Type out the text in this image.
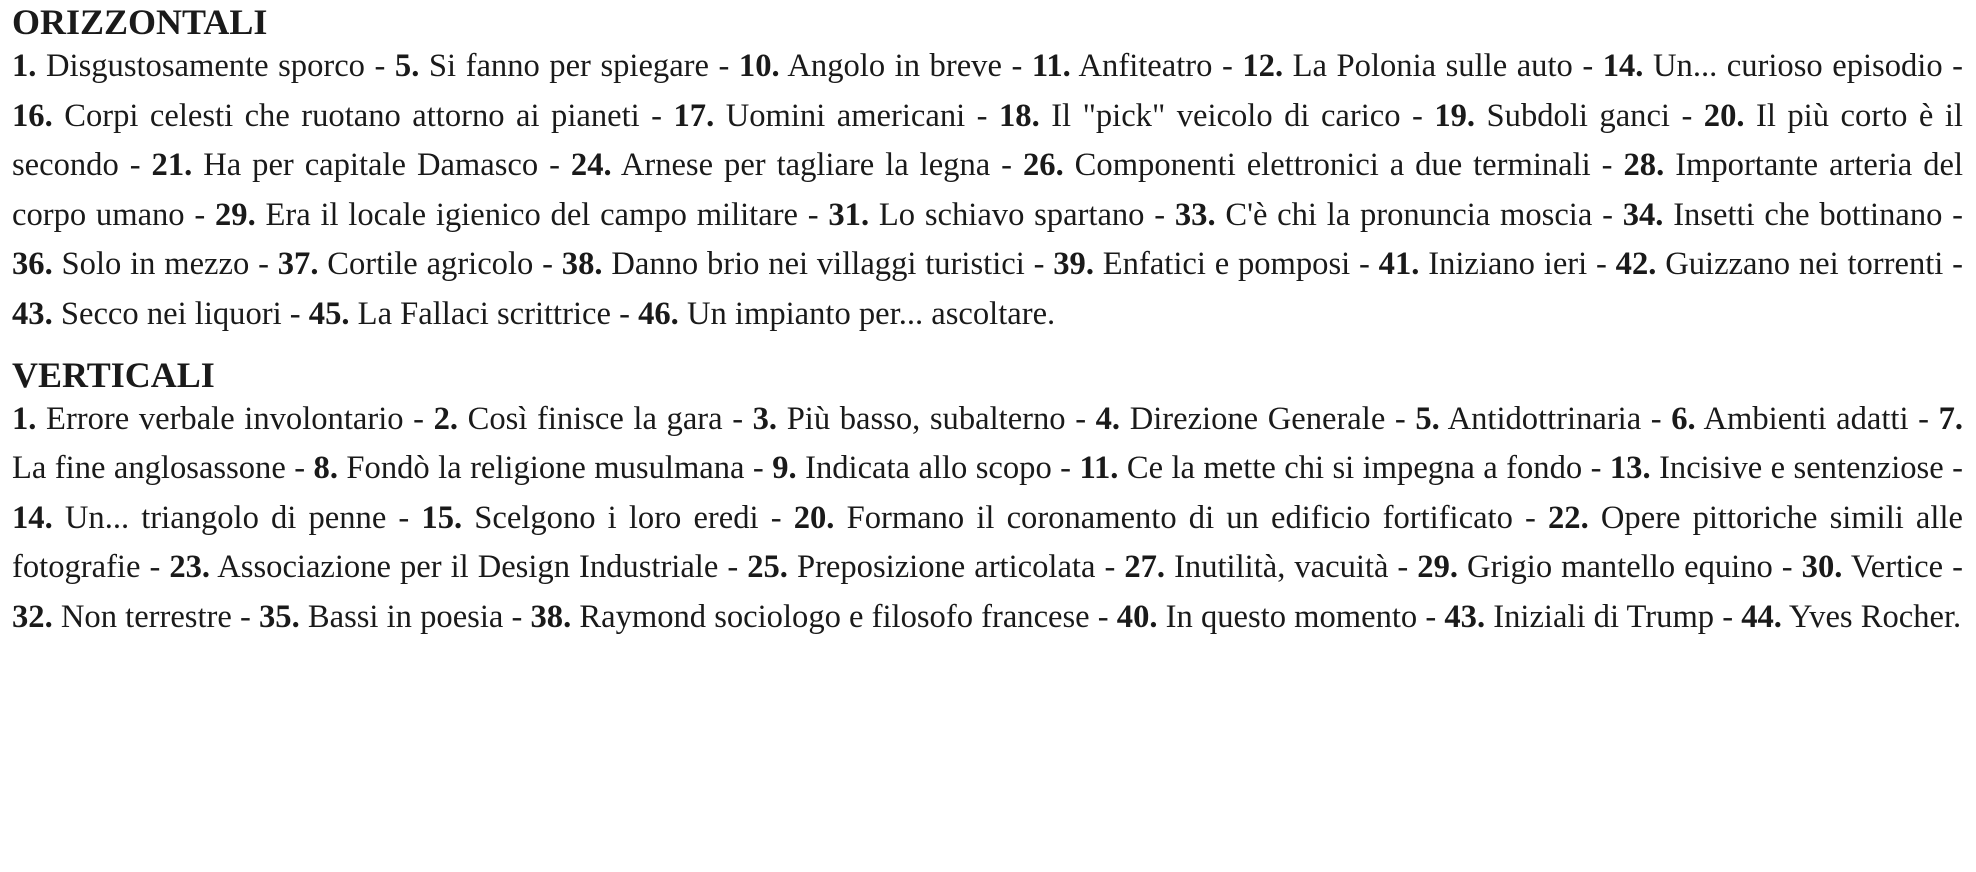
ORIZZONTALI

1. Disgustosamente sporco - 5. Si fanno per spiegare - 10. Angolo in breve - 11. Anfiteatro - 12. La Polonia sulle auto - 14. Un... curioso episodio - 16. Corpi celesti che ruotano attorno ai pianeti - 17. Uomini americani - 18. Il "pick" veicolo di carico - 19. Subdoli ganci - 20. Il più corto è il secondo - 21. Ha per capitale Damasco - 24. Arnese per tagliare la legna - 26. Componenti elettronici a due terminali - 28. Importante arteria del corpo umano - 29. Era il locale igienico del campo militare - 31. Lo schiavo spartano - 33. C'è chi la pronuncia moscia - 34. Insetti che bottinano - 36. Solo in mezzo - 37. Cortile agricolo - 38. Danno brio nei villaggi turistici - 39. Enfatici e pomposi - 41. Iniziano ieri - 42. Guizzano nei torrenti - 43. Secco nei liquori - 45. La Fallaci scrittrice - 46. Un impianto per... ascoltare.

VERTICALI

1. Errore verbale involontario - 2. Così finisce la gara - 3. Più basso, subalterno - 4. Direzione Generale - 5. Antidottrinaria - 6. Ambienti adatti - 7. La fine anglosassone - 8. Fondò la religione musulmana - 9. Indicata allo scopo - 11. Ce la mette chi si impegna a fondo - 13. Incisive e sentenziose - 14. Un... triangolo di penne - 15. Scelgono i loro eredi - 20. Formano il coronamento di un edificio fortificato - 22. Opere pittoriche simili alle fotografie - 23. Associazione per il Design Industriale - 25. Preposizione articolata - 27. Inutilità, vacuità - 29. Grigio mantello equino - 30. Vertice - 32. Non terrestre - 35. Bassi in poesia - 38. Raymond sociologo e filosofo francese - 40. In questo momento - 43. Iniziali di Trump - 44. Yves Rocher.
